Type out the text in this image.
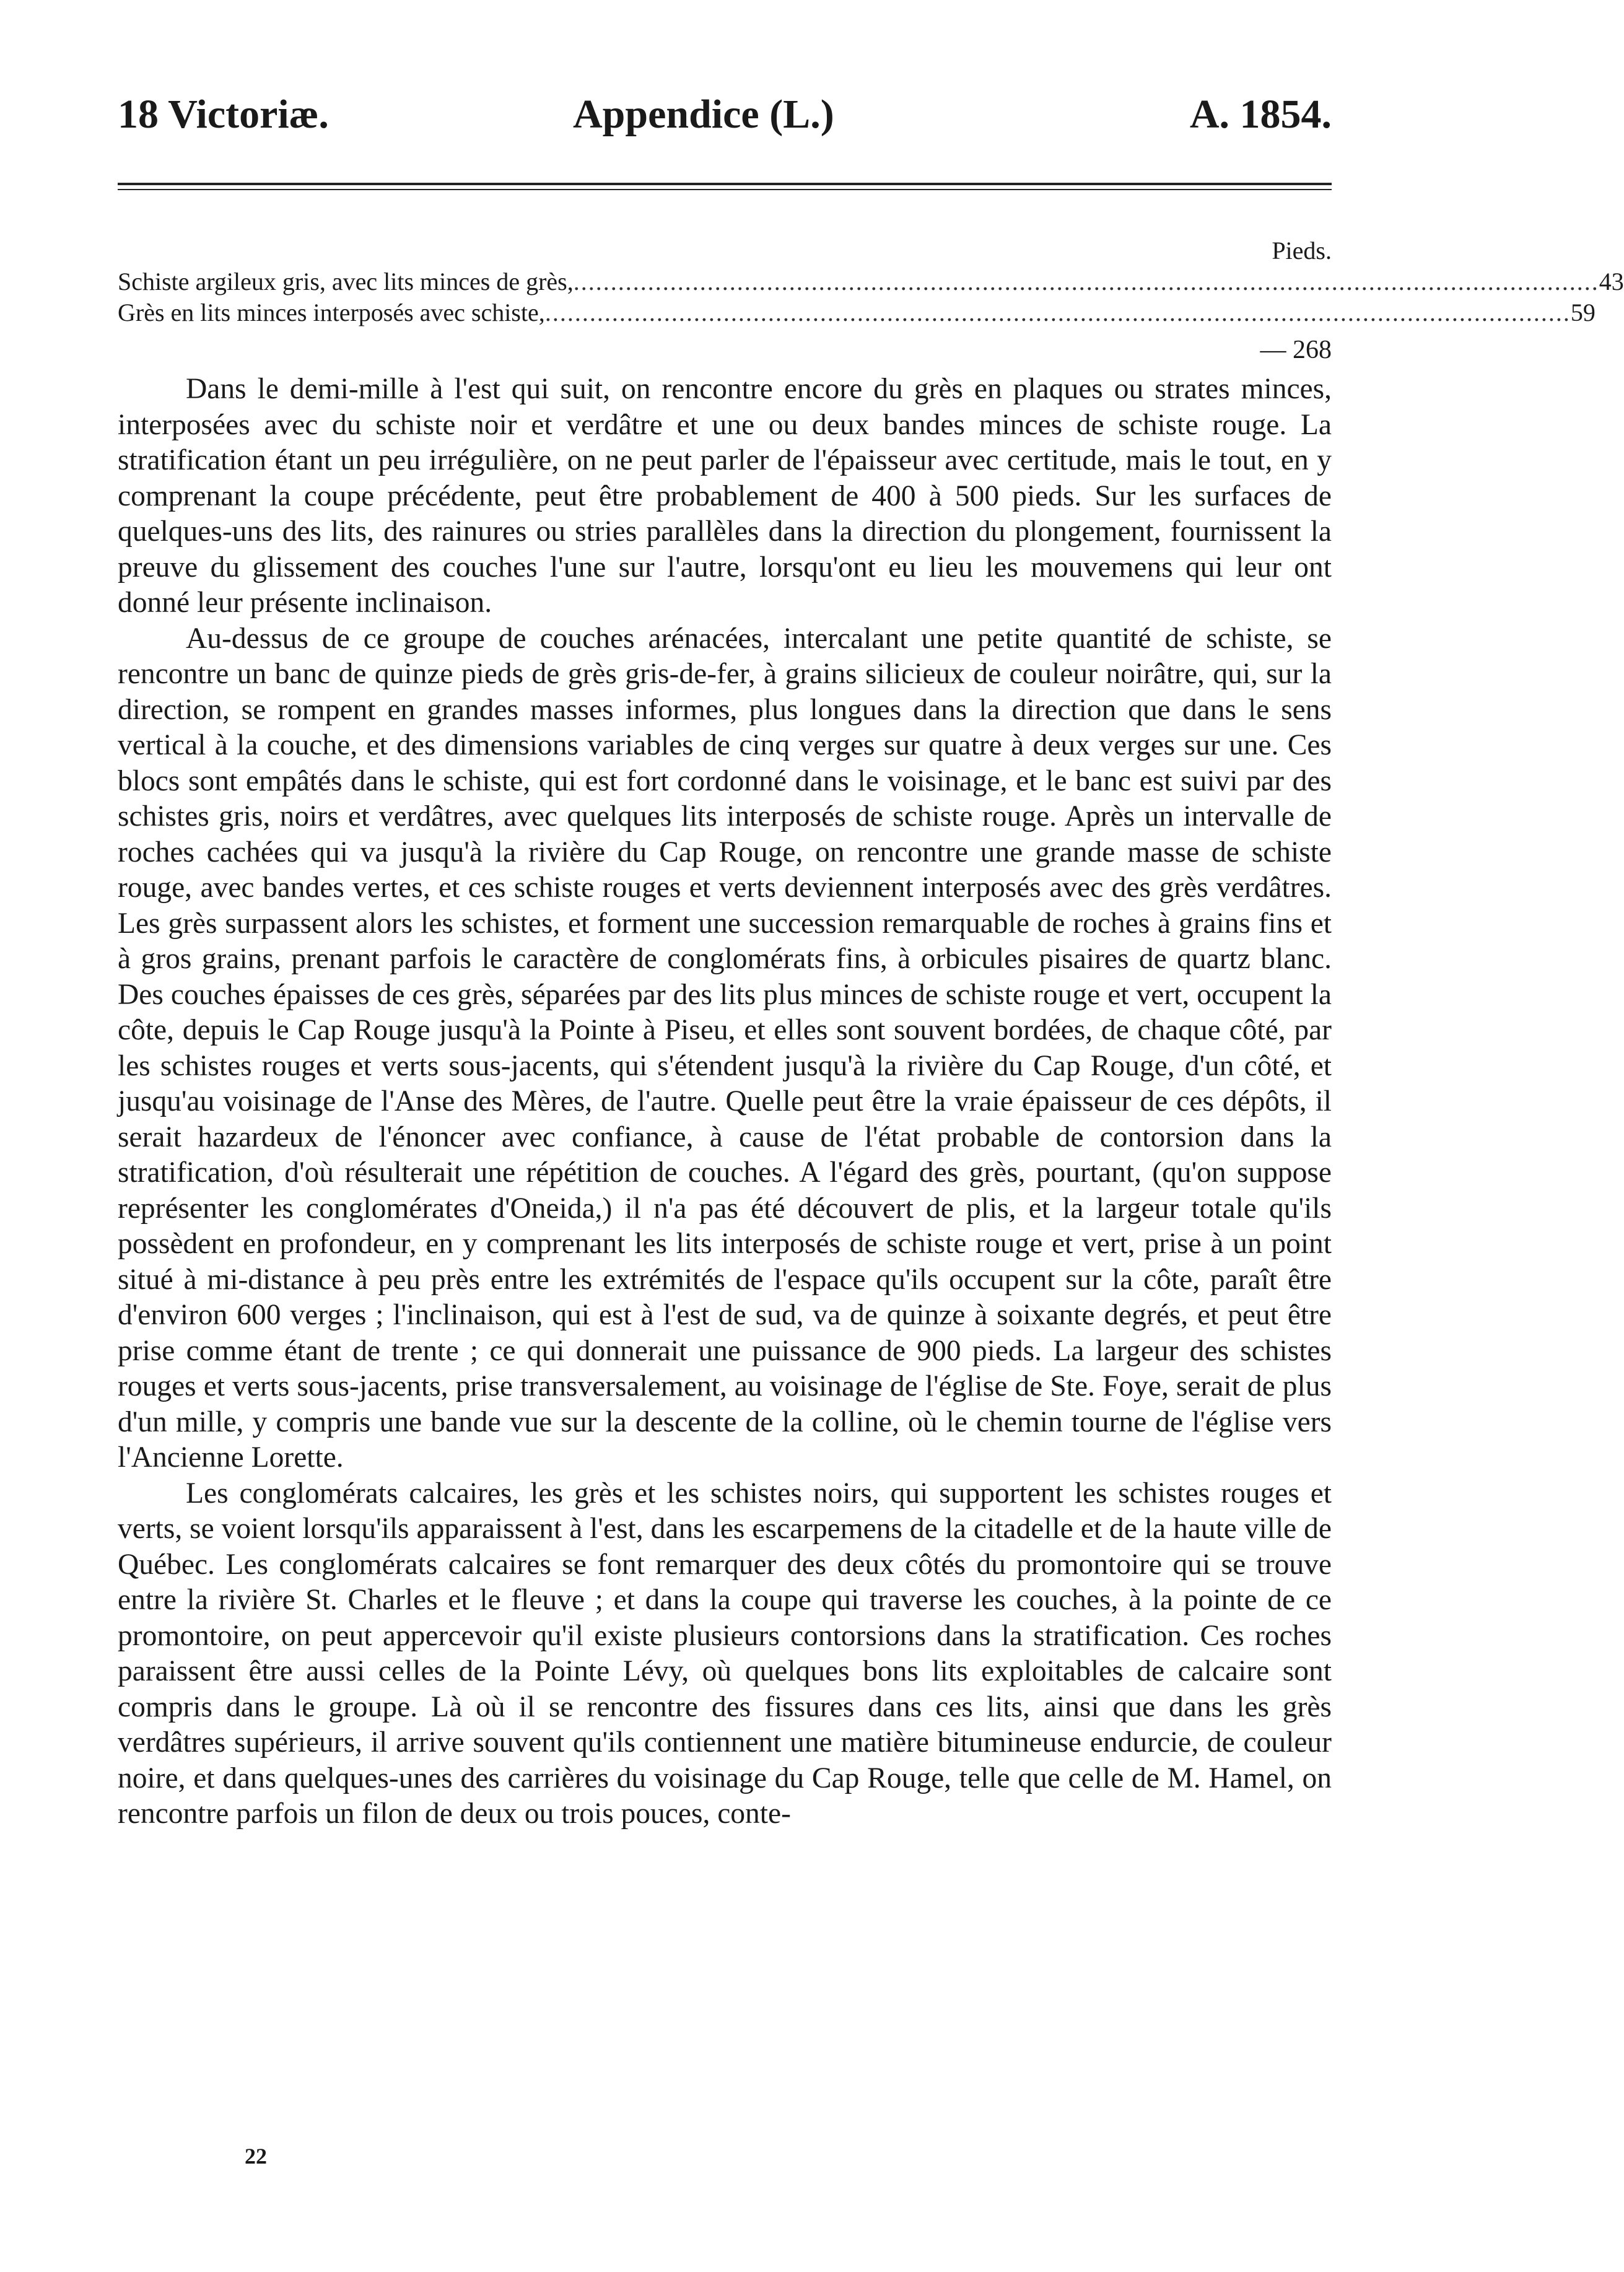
18 Victoriæ.	Appendice (L.)	A. 1854.
Pieds.
Schiste argileux gris, avec lits minces de grès, .......................................................................................................................................... 43
Grès en lits minces interposés avec schiste, .......................................................................................................................................... 59
— 268

Dans le demi-mille à l'est qui suit, on rencontre encore du grès en plaques ou strates minces, interposées avec du schiste noir et verdâtre et une ou deux bandes minces de schiste rouge. La stratification étant un peu irrégulière, on ne peut parler de l'épaisseur avec certitude, mais le tout, en y comprenant la coupe précédente, peut être probablement de 400 à 500 pieds. Sur les surfaces de quelques-uns des lits, des rainures ou stries parallèles dans la direction du plongement, fournissent la preuve du glissement des couches l'une sur l'autre, lorsqu'ont eu lieu les mouvemens qui leur ont donné leur présente inclinaison.

Au-dessus de ce groupe de couches arénacées, intercalant une petite quantité de schiste, se rencontre un banc de quinze pieds de grès gris-de-fer, à grains silicieux de couleur noirâtre, qui, sur la direction, se rompent en grandes masses informes, plus longues dans la direction que dans le sens vertical à la couche, et des dimensions variables de cinq verges sur quatre à deux verges sur une. Ces blocs sont empâtés dans le schiste, qui est fort cordonné dans le voisinage, et le banc est suivi par des schistes gris, noirs et verdâtres, avec quelques lits interposés de schiste rouge. Après un intervalle de roches cachées qui va jusqu'à la rivière du Cap Rouge, on rencontre une grande masse de schiste rouge, avec bandes vertes, et ces schiste rouges et verts deviennent interposés avec des grès verdâtres. Les grès surpassent alors les schistes, et forment une succession remarquable de roches à grains fins et à gros grains, prenant parfois le caractère de conglomérats fins, à orbicules pisaires de quartz blanc. Des couches épaisses de ces grès, séparées par des lits plus minces de schiste rouge et vert, occupent la côte, depuis le Cap Rouge jusqu'à la Pointe à Piseu, et elles sont souvent bordées, de chaque côté, par les schistes rouges et verts sous-jacents, qui s'étendent jusqu'à la rivière du Cap Rouge, d'un côté, et jusqu'au voisinage de l'Anse des Mères, de l'autre. Quelle peut être la vraie épaisseur de ces dépôts, il serait hazardeux de l'énoncer avec confiance, à cause de l'état probable de contorsion dans la stratification, d'où résulterait une répétition de couches. A l'égard des grès, pourtant, (qu'on suppose représenter les conglomérates d'Oneida,) il n'a pas été découvert de plis, et la largeur totale qu'ils possèdent en profondeur, en y comprenant les lits interposés de schiste rouge et vert, prise à un point situé à mi-distance à peu près entre les extrémités de l'espace qu'ils occupent sur la côte, paraît être d'environ 600 verges ; l'inclinaison, qui est à l'est de sud, va de quinze à soixante degrés, et peut être prise comme étant de trente ; ce qui donnerait une puissance de 900 pieds. La largeur des schistes rouges et verts sous-jacents, prise transversalement, au voisinage de l'église de Ste. Foye, serait de plus d'un mille, y compris une bande vue sur la descente de la colline, où le chemin tourne de l'église vers l'Ancienne Lorette.

Les conglomérats calcaires, les grès et les schistes noirs, qui supportent les schistes rouges et verts, se voient lorsqu'ils apparaissent à l'est, dans les escarpemens de la citadelle et de la haute ville de Québec. Les conglomérats calcaires se font remarquer des deux côtés du promontoire qui se trouve entre la rivière St. Charles et le fleuve ; et dans la coupe qui traverse les couches, à la pointe de ce promontoire, on peut appercevoir qu'il existe plusieurs contorsions dans la stratification. Ces roches paraissent être aussi celles de la Pointe Lévy, où quelques bons lits exploitables de calcaire sont compris dans le groupe. Là où il se rencontre des fissures dans ces lits, ainsi que dans les grès verdâtres supérieurs, il arrive souvent qu'ils contiennent une matière bitumineuse endurcie, de couleur noire, et dans quelques-unes des carrières du voisinage du Cap Rouge, telle que celle de M. Hamel, on rencontre parfois un filon de deux ou trois pouces, conte-

22
